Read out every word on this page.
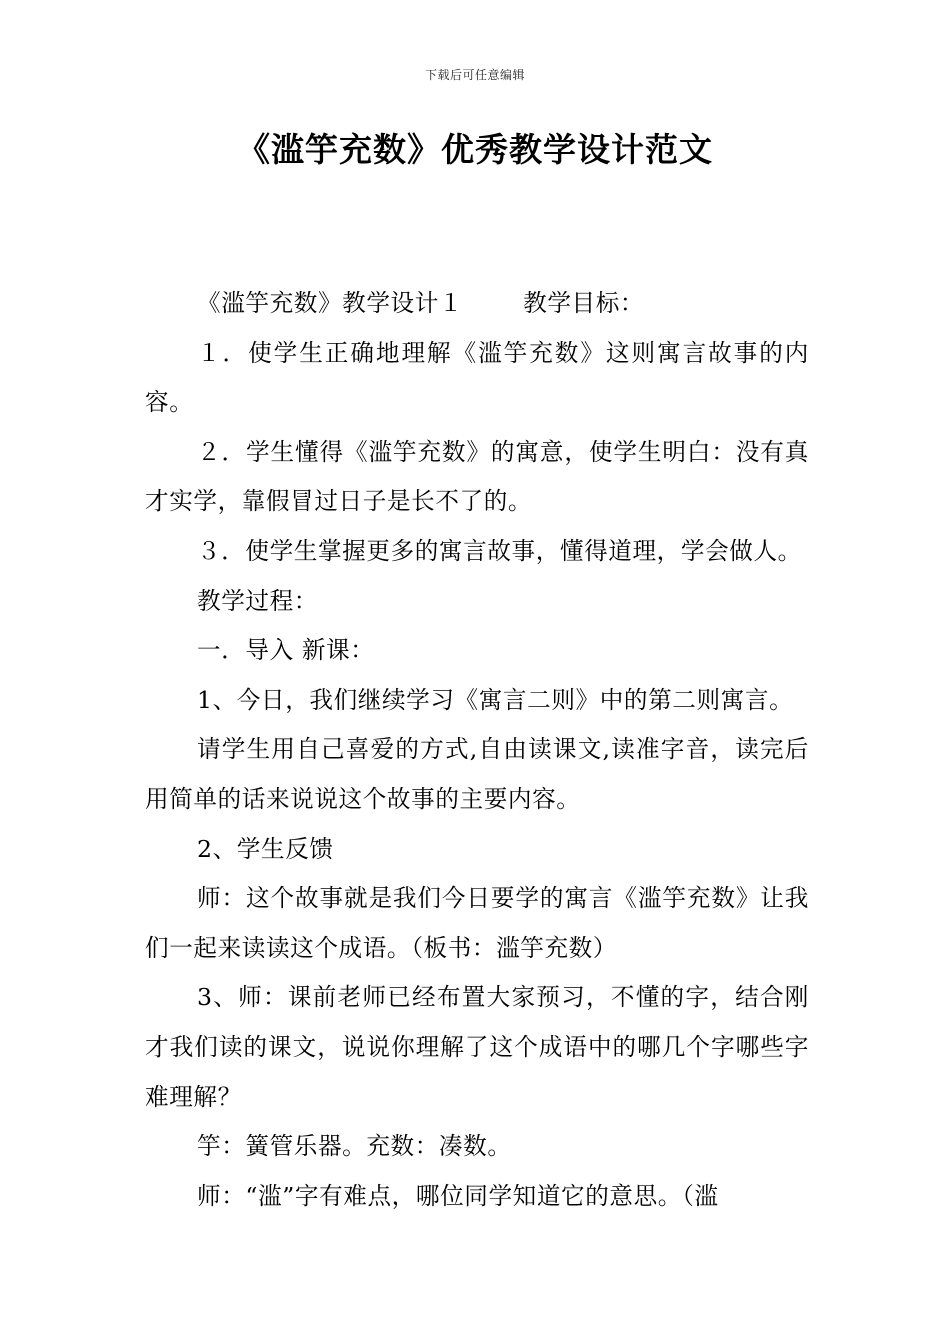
下载后可任意编辑
《滥竽充数》优秀教学设计范文

《滥竽充数》教学设计１	教学目标：

１．使学生正确地理解《滥竽充数》这则寓言故事的内容。

２．学生懂得《滥竽充数》的寓意，使学生明白：没有真才实学，靠假冒过日子是长不了的。

３．使学生掌握更多的寓言故事，懂得道理，学会做人。

教学过程：

一．导入 新课：

1、今日，我们继续学习《寓言二则》中的第二则寓言。

请学生用自己喜爱的方式,自由读课文,读准字音，读完后用简单的话来说说这个故事的主要内容。

2、学生反馈

师：这个故事就是我们今日要学的寓言《滥竽充数》让我们一起来读读这个成语。（板书：滥竽充数）

3、师：课前老师已经布置大家预习，不懂的字，结合刚才我们读的课文，说说你理解了这个成语中的哪几个字哪些字难理解？

竽：簧管乐器。充数：凑数。

师：“滥”字有难点，哪位同学知道它的意思。（滥
